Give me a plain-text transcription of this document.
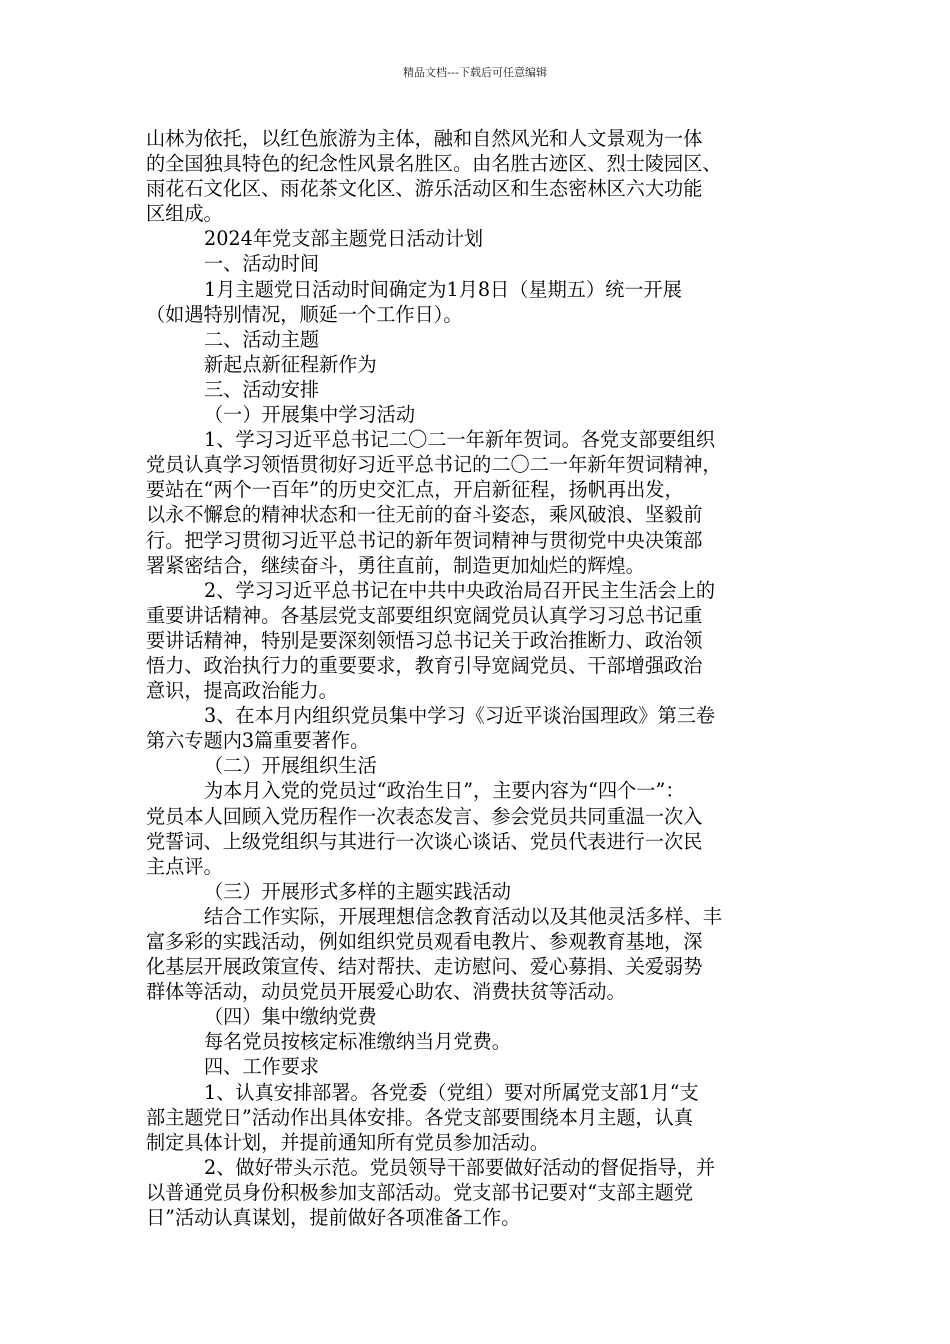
精品文档---下载后可任意编辑
山林为依托，以红色旅游为主体，融和自然风光和人文景观为一体
的全国独具特色的纪念性风景名胜区。由名胜古迹区、烈士陵园区、
雨花石文化区、雨花茶文化区、游乐活动区和生态密林区六大功能
区组成。
2024年党支部主题党日活动计划
一、活动时间
1月主题党日活动时间确定为1月8日（星期五）统一开展
（如遇特别情况，顺延一个工作日）。
二、活动主题
新起点新征程新作为
三、活动安排
（一）开展集中学习活动
1、学习习近平总书记二〇二一年新年贺词。各党支部要组织
党员认真学习领悟贯彻好习近平总书记的二〇二一年新年贺词精神，
要站在“两个一百年”的历史交汇点，开启新征程，扬帆再出发，
以永不懈怠的精神状态和一往无前的奋斗姿态，乘风破浪、坚毅前
行。把学习贯彻习近平总书记的新年贺词精神与贯彻党中央决策部
署紧密结合，继续奋斗，勇往直前，制造更加灿烂的辉煌。
2、学习习近平总书记在中共中央政治局召开民主生活会上的
重要讲话精神。各基层党支部要组织宽阔党员认真学习习总书记重
要讲话精神，特别是要深刻领悟习总书记关于政治推断力、政治领
悟力、政治执行力的重要要求，教育引导宽阔党员、干部增强政治
意识，提高政治能力。
3、在本月内组织党员集中学习《习近平谈治国理政》第三卷
第六专题内3篇重要著作。
（二）开展组织生活
为本月入党的党员过“政治生日”，主要内容为“四个一”：
党员本人回顾入党历程作一次表态发言、参会党员共同重温一次入
党誓词、上级党组织与其进行一次谈心谈话、党员代表进行一次民
主点评。
（三）开展形式多样的主题实践活动
结合工作实际，开展理想信念教育活动以及其他灵活多样、丰
富多彩的实践活动，例如组织党员观看电教片、参观教育基地，深
化基层开展政策宣传、结对帮扶、走访慰问、爱心募捐、关爱弱势
群体等活动，动员党员开展爱心助农、消费扶贫等活动。
（四）集中缴纳党费
每名党员按核定标准缴纳当月党费。
四、工作要求
1、认真安排部署。各党委（党组）要对所属党支部1月“支
部主题党日”活动作出具体安排。各党支部要围绕本月主题，认真
制定具体计划，并提前通知所有党员参加活动。
2、做好带头示范。党员领导干部要做好活动的督促指导，并
以普通党员身份积极参加支部活动。党支部书记要对“支部主题党
日”活动认真谋划，提前做好各项准备工作。
